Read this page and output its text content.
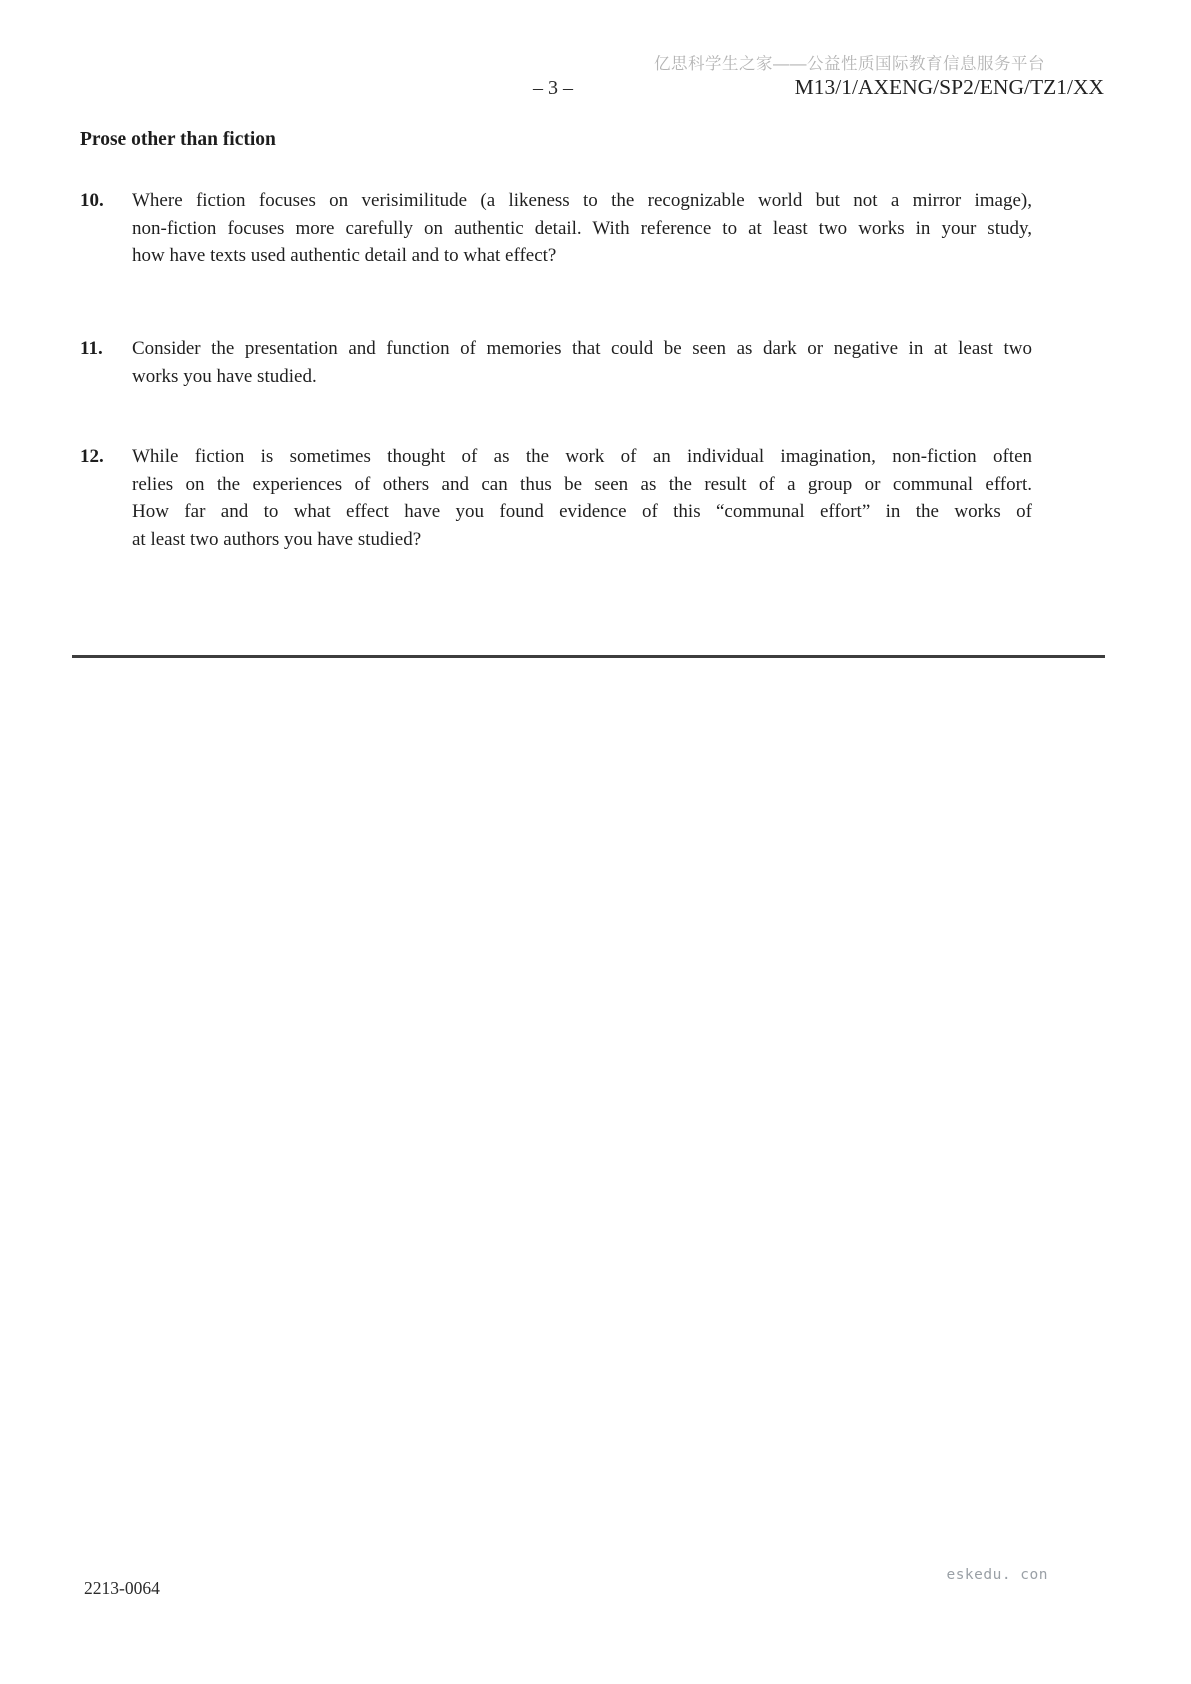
亿思科学生之家——公益性质国际教育信息服务平台
– 3 –	M13/1/AXENG/SP2/ENG/TZ1/XX
Prose other than fiction
10.	Where fiction focuses on verisimilitude (a likeness to the recognizable world but not a mirror image),
non-fiction focuses more carefully on authentic detail. With reference to at least two works in your study,
how have texts used authentic detail and to what effect?
11.	Consider the presentation and function of memories that could be seen as dark or negative in at least two
works you have studied.
12.	While fiction is sometimes thought of as the work of an individual imagination, non-fiction often
relies on the experiences of others and can thus be seen as the result of a group or communal effort.
How far and to what effect have you found evidence of this “communal effort” in the works of
at least two authors you have studied?
2213-0064
eskedu. con
